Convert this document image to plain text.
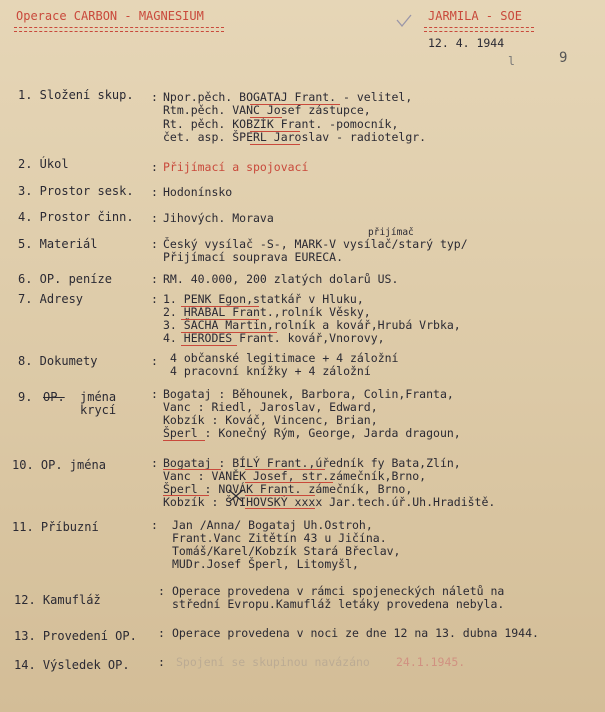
Operace CARBON - MAGNESIUM	JARMILA - SOE
12. 4. 1944
l	9
1. Složení skup. : Npor.pěch. BOGATAJ Frant. - velitel,
Rtm.pěch. VANC Josef zástupce,
Rt. pěch. KOBZÍK Frant. -pomocník,
čet. asp. ŠPERL Jaroslav - radiotelgr.
2. Úkol	: Přijímací a spojovací
3. Prostor sesk. : Hodonínsko
4. Prostor činn. : Jihových. Morava
přijímač
5. Materiál	: Český vysílač -S-, MARK-V vysílač/starý typ/
Přijímací souprava EURECA.
6. OP. peníze	: RM. 40.000, 200 zlatých dolarů US.
7. Adresy	: 1. PENK Egon,statkář v Hluku,
2. HRABAL Frant.,rolník Věsky,
3. ŠACHA Martin,rolník a kovář,Hrubá Vrbka,
4. HERODES Frant. kovář,Vnorovy,
8. Dokumety	: 4 občanské legitimace + 4 záložní
4 pracovní knížky + 4 záložní
9. OP. jména
krycí
: Bogataj : Běhounek, Barbora, Colin,Franta,
Vanc : Riedl, Jaroslav, Edward,
Kobzík : Kováč, Vincenc, Brian,
Šperl : Konečný Rým, George, Jarda dragoun,
10. OP. jména	: Bogataj : BÍLÝ Frant.,úředník fy Bata,Zlín,
Vanc : VANĚK Josef, str.zámečník,Brno,
Šperl : NOVÁK Frant. zámečník, Brno,
Kobzík : ŠVIHOVSKÝ xxxx Jar.tech.úř.Uh.Hradiště.
11. Příbuzní	: Jan /Anna/ Bogataj Uh.Ostroh,
Frant.Vanc Zitětín 43 u Jičína.
Tomáš/Karel/Kobzík Stará Břeclav,
MUDr.Josef Šperl, Litomyšl,
12. Kamufláž
: Operace provedena v rámci spojeneckých náletů na
střední Evropu.Kamufláž letáky provedena nebyla.
13. Provedení OP. : Operace provedena v noci ze dne 12 na 13. dubna 1944.
14. Výsledek OP. : Spojení se skupinou navázáno 24.1.1945.
